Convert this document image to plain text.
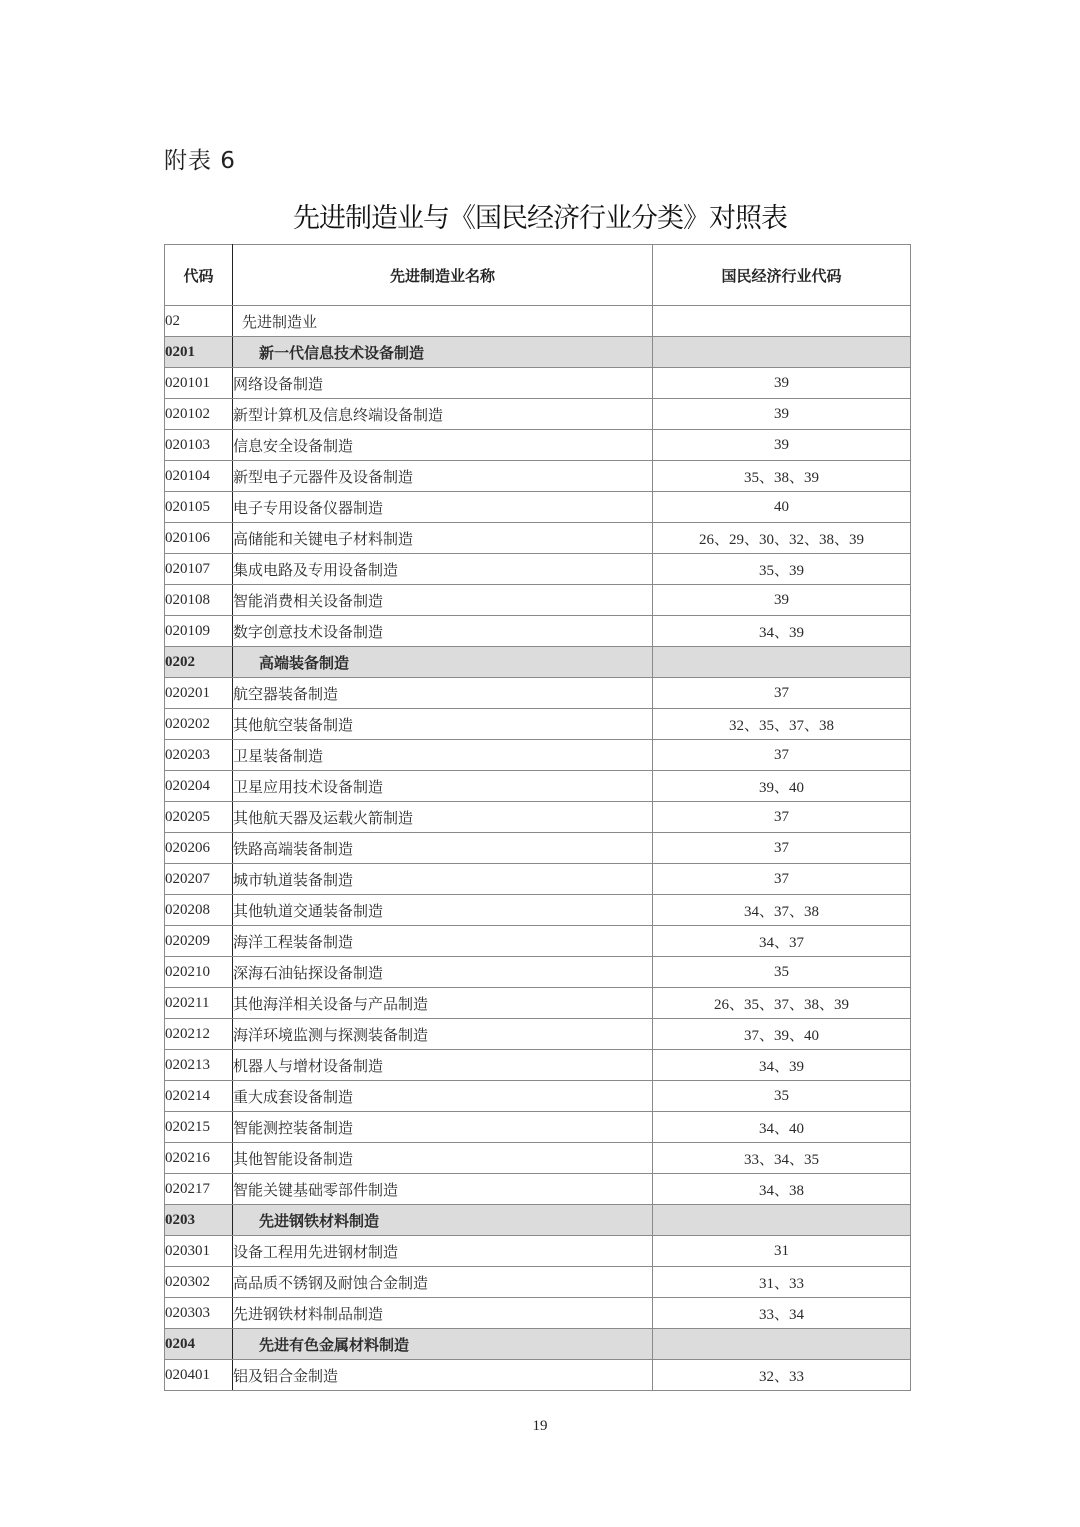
附表 6
先进制造业与《国民经济行业分类》对照表
代码	先进制造业名称	国民经济行业代码
02	先进制造业	
0201	新一代信息技术设备制造	
020101	网络设备制造	39
020102	新型计算机及信息终端设备制造	39
020103	信息安全设备制造	39
020104	新型电子元器件及设备制造	35、38、39
020105	电子专用设备仪器制造	40
020106	高储能和关键电子材料制造	26、29、30、32、38、39
020107	集成电路及专用设备制造	35、39
020108	智能消费相关设备制造	39
020109	数字创意技术设备制造	34、39
0202	高端装备制造	
020201	航空器装备制造	37
020202	其他航空装备制造	32、35、37、38
020203	卫星装备制造	37
020204	卫星应用技术设备制造	39、40
020205	其他航天器及运载火箭制造	37
020206	铁路高端装备制造	37
020207	城市轨道装备制造	37
020208	其他轨道交通装备制造	34、37、38
020209	海洋工程装备制造	34、37
020210	深海石油钻探设备制造	35
020211	其他海洋相关设备与产品制造	26、35、37、38、39
020212	海洋环境监测与探测装备制造	37、39、40
020213	机器人与增材设备制造	34、39
020214	重大成套设备制造	35
020215	智能测控装备制造	34、40
020216	其他智能设备制造	33、34、35
020217	智能关键基础零部件制造	34、38
0203	先进钢铁材料制造	
020301	设备工程用先进钢材制造	31
020302	高品质不锈钢及耐蚀合金制造	31、33
020303	先进钢铁材料制品制造	33、34
0204	先进有色金属材料制造	
020401	铝及铝合金制造	32、33
19
